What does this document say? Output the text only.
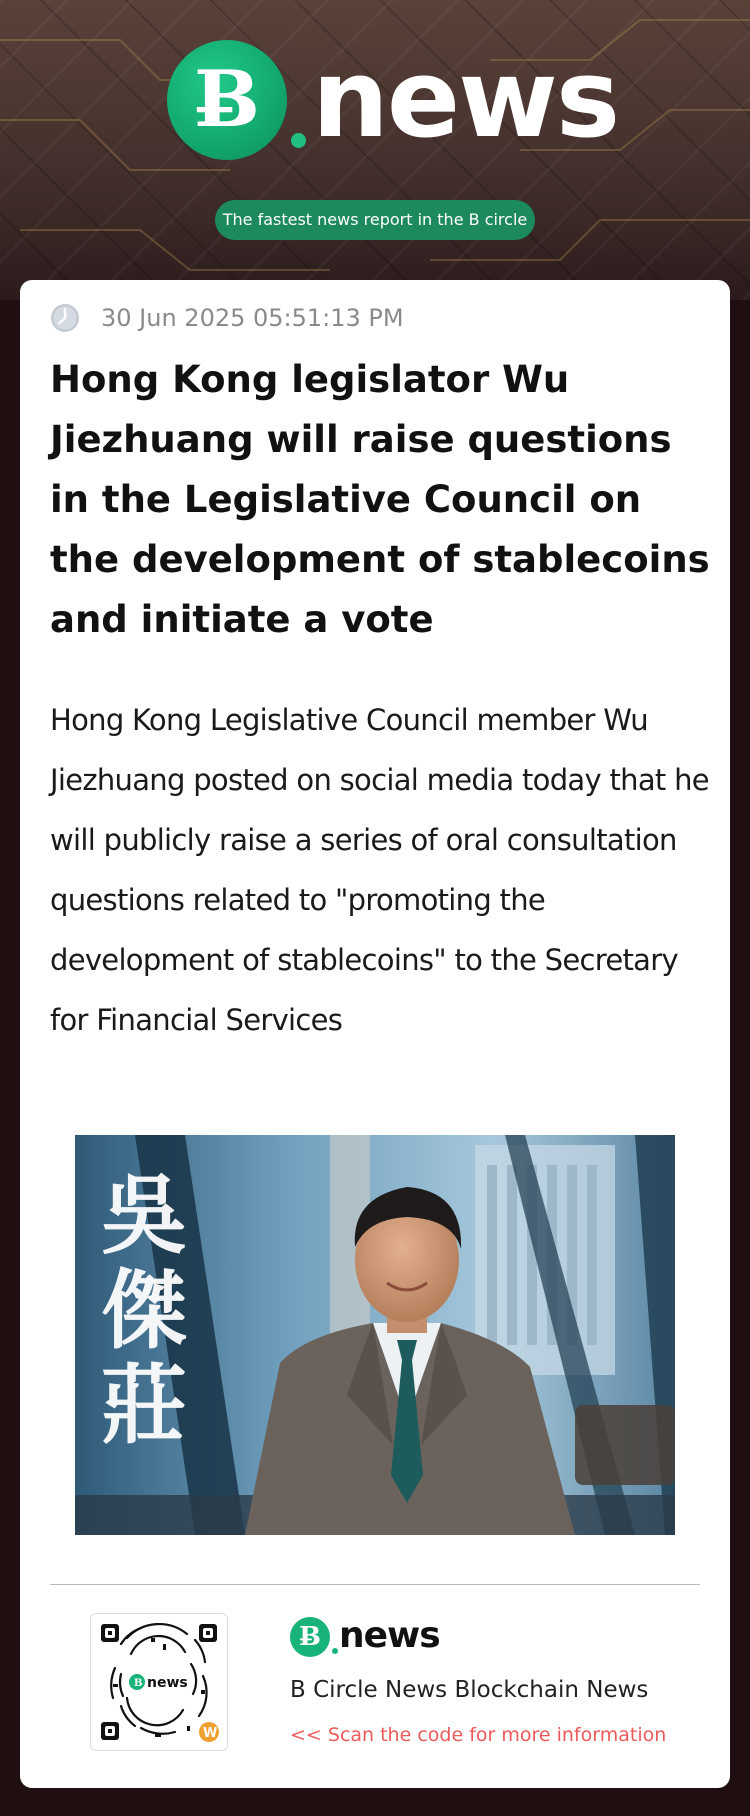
Ƀ news
The fastest news report in the B circle
30 Jun 2025 05:51:13 PM
Hong Kong legislator Wu Jiezhuang will raise questions in the Legislative Council on the development of stablecoins and initiate a vote

Hong Kong Legislative Council member Wu Jiezhuang posted on social media today that he will publicly raise a series of oral consultation questions related to "promoting the development of stablecoins" to the Secretary for Financial Services

吳
傑
莊
B news
W
Ƀ news
B Circle News Blockchain News
<< Scan the code for more information
